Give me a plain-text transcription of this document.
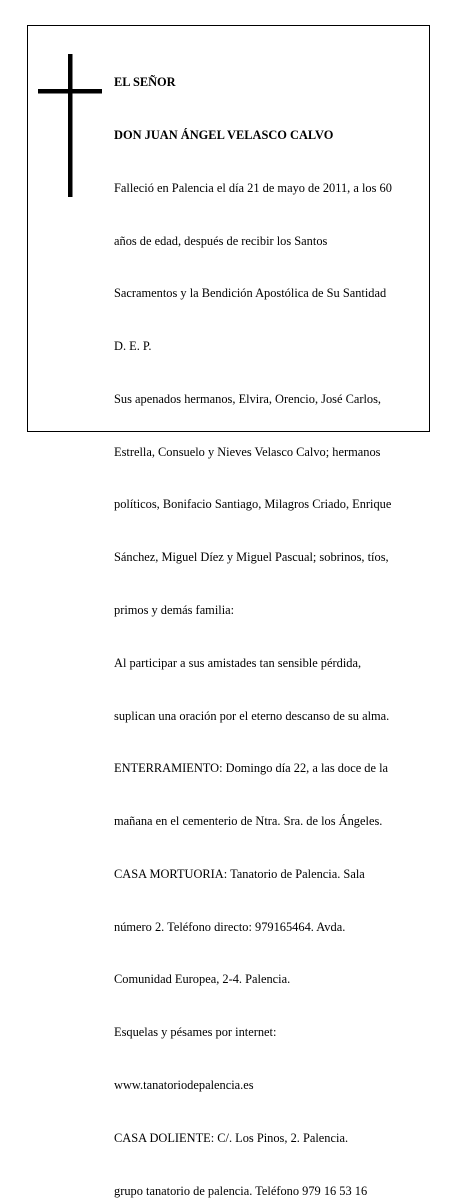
EL SEÑOR

DON JUAN ÁNGEL VELASCO CALVO

Falleció en Palencia el día 21 de mayo de 2011, a los 60

años de edad, después de recibir los Santos

Sacramentos y la Bendición Apostólica de Su Santidad

D. E. P.

Sus apenados hermanos, Elvira, Orencio, José Carlos,

Estrella, Consuelo y Nieves Velasco Calvo; hermanos

políticos, Bonifacio Santiago, Milagros Criado, Enrique

Sánchez, Miguel Díez y Miguel Pascual; sobrinos, tíos,

primos y demás familia:

Al participar a sus amistades tan sensible pérdida,

suplican una oración por el eterno descanso de su alma.

ENTERRAMIENTO: Domingo día 22, a las doce de la

mañana en el cementerio de Ntra. Sra. de los Ángeles.

CASA MORTUORIA: Tanatorio de Palencia. Sala

número 2. Teléfono directo: 979165464. Avda.

Comunidad Europea, 2-4. Palencia.

Esquelas y pésames por internet:

www.tanatoriodepalencia.es

CASA DOLIENTE: C/. Los Pinos, 2. Palencia.

grupo tanatorio de palencia. Teléfono 979 16 53 16
